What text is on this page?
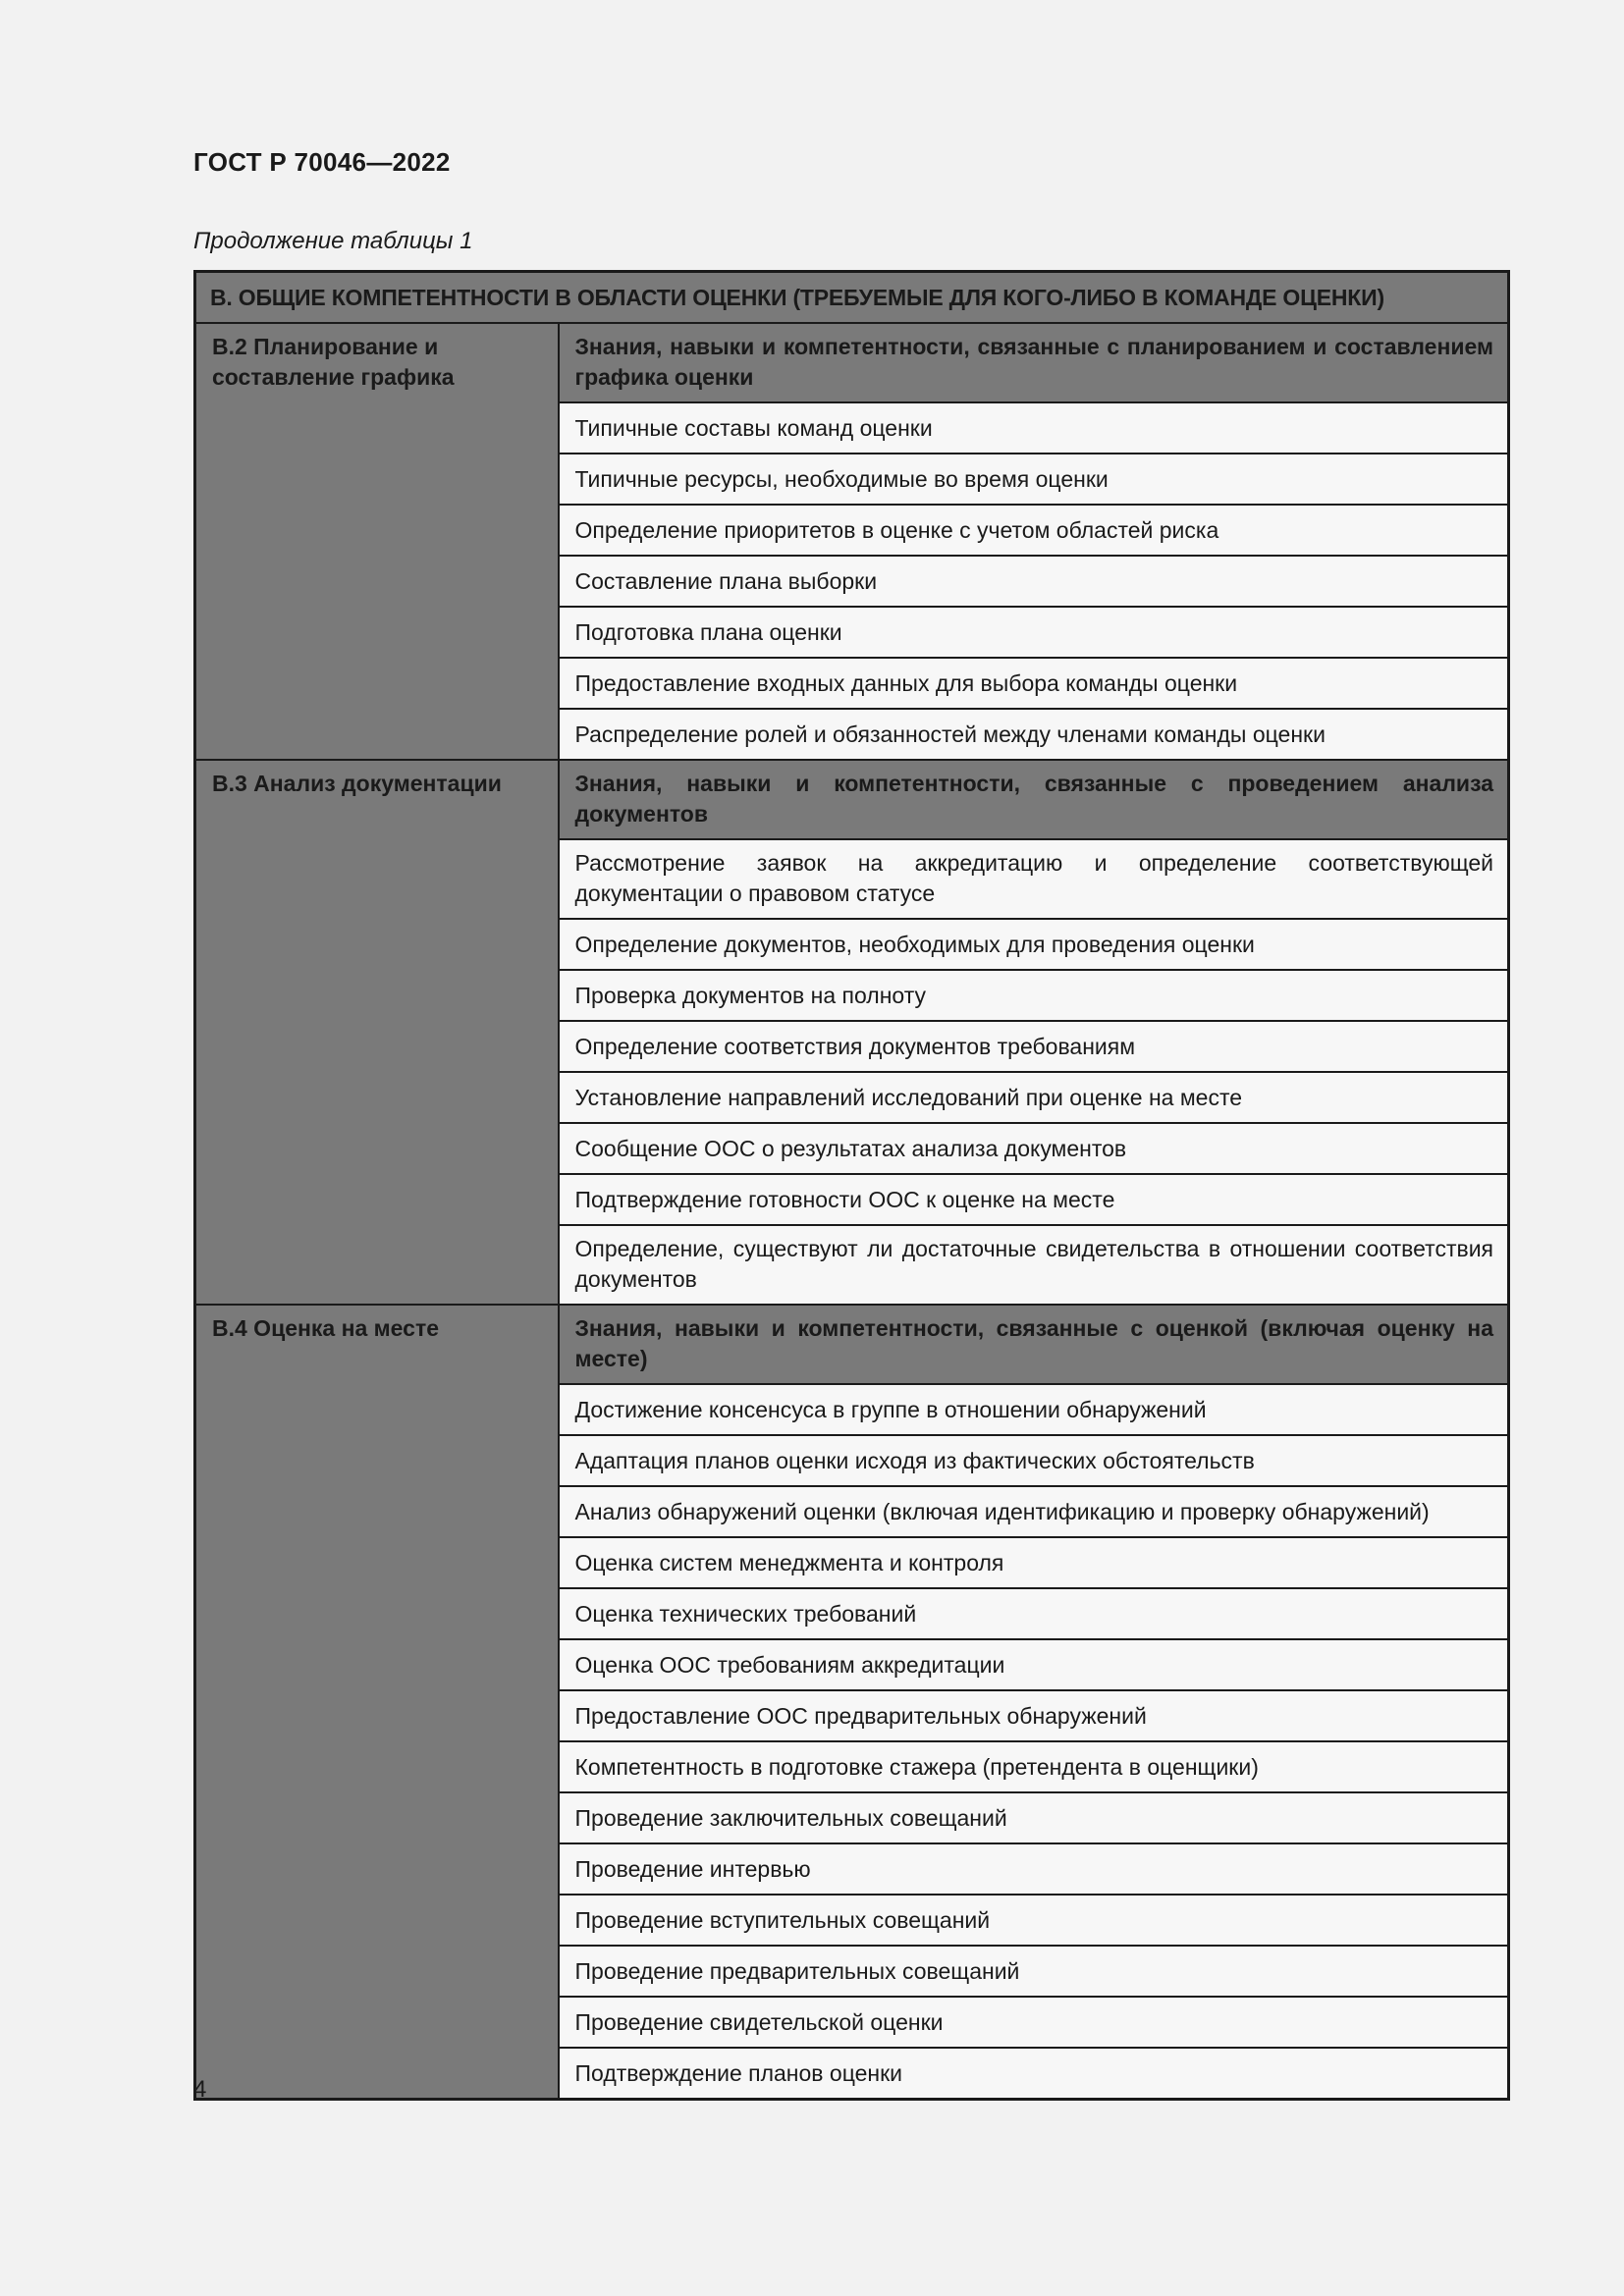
ГОСТ Р 70046—2022
Продолжение таблицы 1
B. ОБЩИЕ КОМПЕТЕНТНОСТИ В ОБЛАСТИ ОЦЕНКИ (ТРЕБУЕМЫЕ ДЛЯ КОГО-ЛИБО В КОМАНДЕ ОЦЕНКИ)	
В.2 Планирование и составление графика	Знания, навыки и компетентности, связанные с планированием и составлением графика оценки
	Типичные составы команд оценки
	Типичные ресурсы, необходимые во время оценки
	Определение приоритетов в оценке с учетом областей риска
	Составление плана выборки
	Подготовка плана оценки
	Предоставление входных данных для выбора команды оценки
	Распределение ролей и обязанностей между членами команды оценки
В.3 Анализ документации	Знания, навыки и компетентности, связанные с проведением анализа документов
	Рассмотрение заявок на аккредитацию и определение соответствующей документации о правовом статусе
	Определение документов, необходимых для проведения оценки
	Проверка документов на полноту
	Определение соответствия документов требованиям
	Установление направлений исследований при оценке на месте
	Сообщение ООС о результатах анализа документов
	Подтверждение готовности ООС к оценке на месте
	Определение, существуют ли достаточные свидетельства в отношении соответствия документов
В.4 Оценка на месте	Знания, навыки и компетентности, связанные с оценкой (включая оценку на месте)
	Достижение консенсуса в группе в отношении обнаружений
	Адаптация планов оценки исходя из фактических обстоятельств
	Анализ обнаружений оценки (включая идентификацию и проверку обнаружений)
	Оценка систем менеджмента и контроля
	Оценка технических требований
	Оценка ООС требованиям аккредитации
	Предоставление ООС предварительных обнаружений
	Компетентность в подготовке стажера (претендента в оценщики)
	Проведение заключительных совещаний
	Проведение интервью
	Проведение вступительных совещаний
	Проведение предварительных совещаний
	Проведение свидетельской оценки
	Подтверждение планов оценки
4
